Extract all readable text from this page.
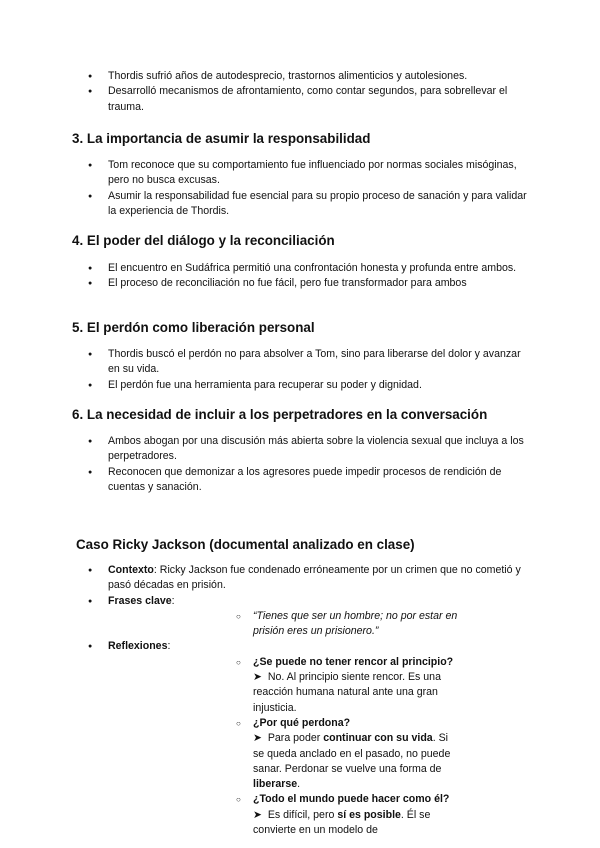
● Thordis sufrió años de autodesprecio, trastornos alimenticios y autolesiones.
● Desarrolló mecanismos de afrontamiento, como contar segundos, para sobrellevar el trauma.
3. La importancia de asumir la responsabilidad
● Tom reconoce que su comportamiento fue influenciado por normas sociales misóginas, pero no busca excusas.
● Asumir la responsabilidad fue esencial para su propio proceso de sanación y para validar la experiencia de Thordis.
4. El poder del diálogo y la reconciliación
● El encuentro en Sudáfrica permitió una confrontación honesta y profunda entre ambos.
● El proceso de reconciliación no fue fácil, pero fue transformador para ambos
5. El perdón como liberación personal
● Thordis buscó el perdón no para absolver a Tom, sino para liberarse del dolor y avanzar en su vida.
● El perdón fue una herramienta para recuperar su poder y dignidad.
6. La necesidad de incluir a los perpetradores en la conversación
● Ambos abogan por una discusión más abierta sobre la violencia sexual que incluya a los perpetradores.
● Reconocen que demonizar a los agresores puede impedir procesos de rendición de cuentas y sanación.
Caso Ricky Jackson (documental analizado en clase)
● Contexto: Ricky Jackson fue condenado erróneamente por un crimen que no cometió y pasó décadas en prisión.
● Frases clave:
○ “Tienes que ser un hombre; no por estar en prisión eres un prisionero.”
● Reflexiones:
○ ¿Se puede no tener rencor al principio?
➤ No. Al principio siente rencor. Es una reacción humana natural ante una gran injusticia.
○ ¿Por qué perdona?
➤ Para poder continuar con su vida. Si se queda anclado en el pasado, no puede sanar. Perdonar se vuelve una forma de liberarse.
○ ¿Todo el mundo puede hacer como él?
➤ Es difícil, pero sí es posible. Él se convierte en un modelo de
